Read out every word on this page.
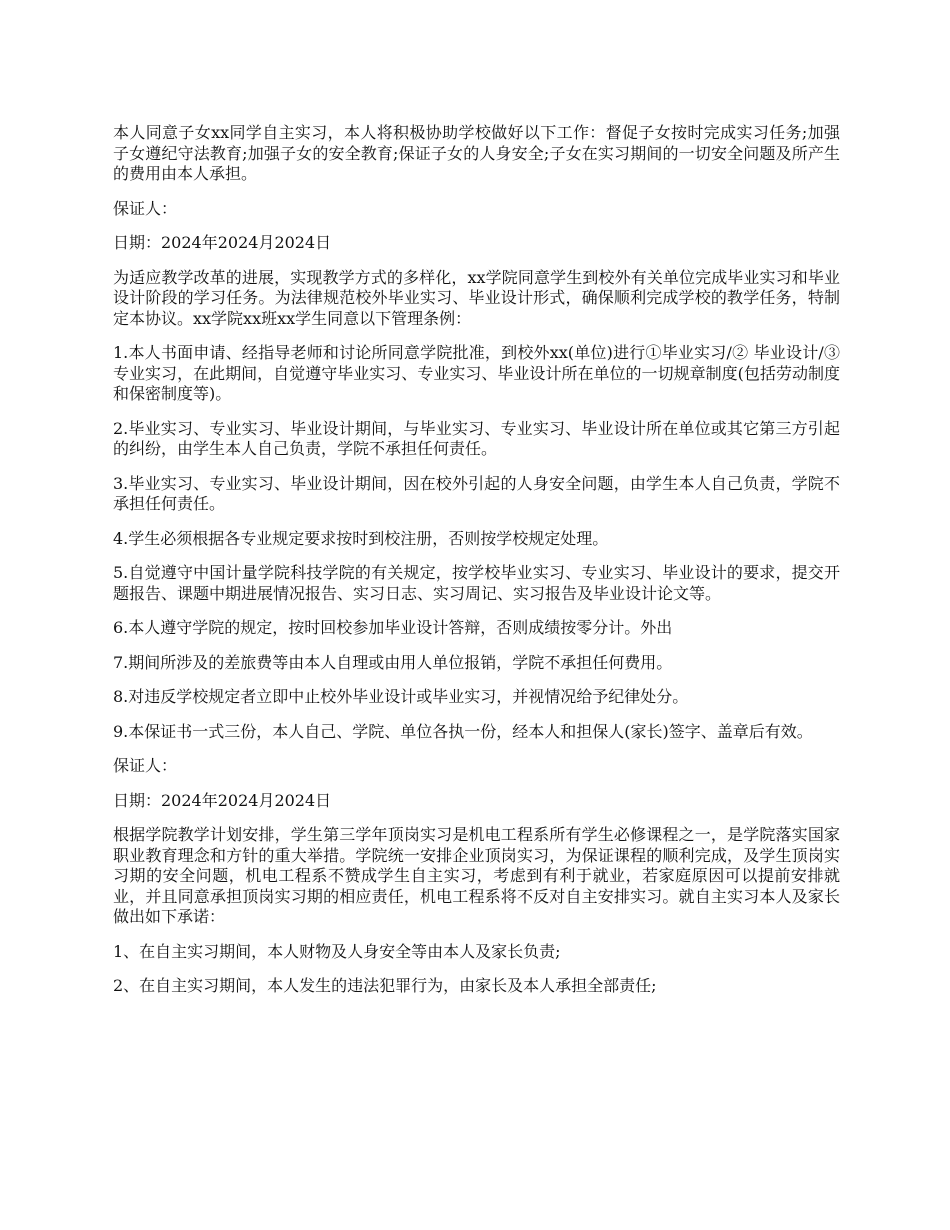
本人同意子女xx同学自主实习，本人将积极协助学校做好以下工作：督促子女按时完成实习任务;加强子女遵纪守法教育;加强子女的安全教育;保证子女的人身安全;子女在实习期间的一切安全问题及所产生的费用由本人承担。

保证人：

日期：2024年2024月2024日

为适应教学改革的进展，实现教学方式的多样化，xx学院同意学生到校外有关单位完成毕业实习和毕业设计阶段的学习任务。为法律规范校外毕业实习、毕业设计形式，确保顺利完成学校的教学任务，特制定本协议。xx学院xx班xx学生同意以下管理条例：

1.本人书面申请、经指导老师和讨论所同意学院批准，到校外xx(单位)进行①毕业实习/② 毕业设计/③ 专业实习，在此期间，自觉遵守毕业实习、专业实习、毕业设计所在单位的一切规章制度(包括劳动制度和保密制度等)。

2.毕业实习、专业实习、毕业设计期间，与毕业实习、专业实习、毕业设计所在单位或其它第三方引起的纠纷，由学生本人自己负责，学院不承担任何责任。

3.毕业实习、专业实习、毕业设计期间，因在校外引起的人身安全问题，由学生本人自己负责，学院不承担任何责任。

4.学生必须根据各专业规定要求按时到校注册，否则按学校规定处理。

5.自觉遵守中国计量学院科技学院的有关规定，按学校毕业实习、专业实习、毕业设计的要求，提交开题报告、课题中期进展情况报告、实习日志、实习周记、实习报告及毕业设计论文等。

6.本人遵守学院的规定，按时回校参加毕业设计答辩，否则成绩按零分计。外出

7.期间所涉及的差旅费等由本人自理或由用人单位报销，学院不承担任何费用。

8.对违反学校规定者立即中止校外毕业设计或毕业实习，并视情况给予纪律处分。

9.本保证书一式三份，本人自己、学院、单位各执一份，经本人和担保人(家长)签字、盖章后有效。

保证人：

日期：2024年2024月2024日

根据学院教学计划安排，学生第三学年顶岗实习是机电工程系所有学生必修课程之一，是学院落实国家职业教育理念和方针的重大举措。学院统一安排企业顶岗实习，为保证课程的顺利完成，及学生顶岗实习期的安全问题，机电工程系不赞成学生自主实习，考虑到有利于就业，若家庭原因可以提前安排就业，并且同意承担顶岗实习期的相应责任，机电工程系将不反对自主安排实习。就自主实习本人及家长做出如下承诺：

1、在自主实习期间，本人财物及人身安全等由本人及家长负责;

2、在自主实习期间，本人发生的违法犯罪行为，由家长及本人承担全部责任;
